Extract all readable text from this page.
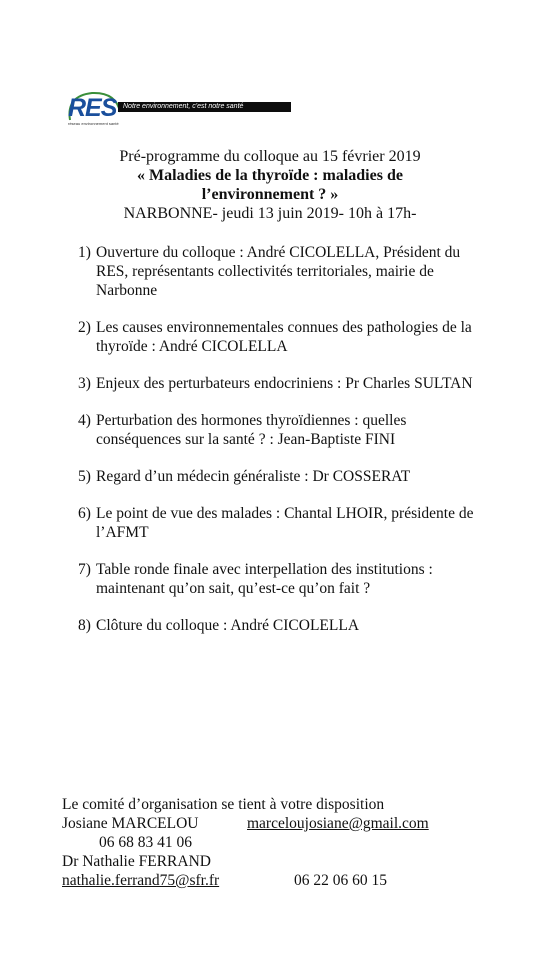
RES
réseau environnement santé
Notre environnement, c'est notre santé
Pré-programme du colloque au 15 février 2019
« Maladies de la thyroïde : maladies de
l’environnement ? »
NARBONNE- jeudi 13 juin 2019- 10h à 17h-
1) Ouverture du colloque : André CICOLELLA, Président du RES, représentants collectivités territoriales, mairie de Narbonne
2) Les causes environnementales connues des pathologies de la thyroïde : André CICOLELLA
3) Enjeux des perturbateurs endocriniens : Pr Charles SULTAN
4) Perturbation des hormones thyroïdiennes : quelles conséquences sur la santé ? : Jean-Baptiste FINI
5) Regard d’un médecin généraliste : Dr COSSERAT
6) Le point de vue des malades : Chantal LHOIR, présidente de l’AFMT
7) Table ronde finale avec interpellation des institutions : maintenant qu’on sait, qu’est-ce qu’on fait ?
8) Clôture du colloque : André CICOLELLA
Le comité d’organisation se tient à votre disposition
Josiane MARCELOU	marceloujosiane@gmail.com
06 68 83 41 06
Dr Nathalie FERRAND
nathalie.ferrand75@sfr.fr	06 22 06 60 15
